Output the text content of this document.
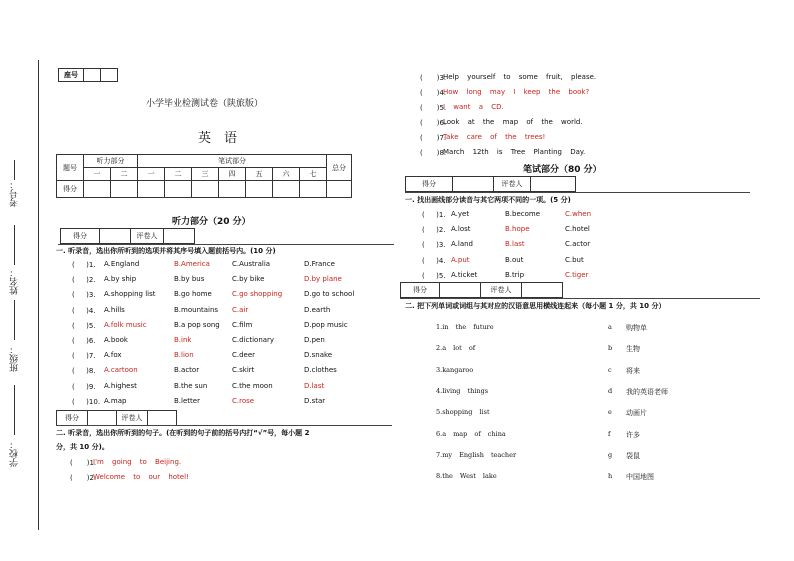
学校：
班级：
姓名：
考号：
座号		
小学毕业检测试卷（陕旅版）
英　语
题号	听力部分		笔试部分							总分
	一	二	一	二	三	四	五	六	七	
得分										
听力部分（20 分）
得分		评卷人	
一. 听录音，选出你所听到的选项并将其序号填入题前括号内。(10 分)
( 　 )1. A.England	B.America	C.Australia	D.France
( 　 )2. A.by ship	B.by bus	C.by bike	D.by plane
( 　 )3. A.shopping list	B.go home	C.go shopping	D.go to school
( 　 )4. A.hills	B.mountains C.air	D.earth
( 　 )5. A.folk music	B.a pop song C.film	D.pop music
( 　 )6. A.book	B.ink	C.dictionary	D.pen
( 　 )7. A.fox	B.lion	C.deer	D.snake
( 　 )8. A.cartoon	B.actor	C.skirt	D.clothes
( 　 )9. A.highest	B.the sun	C.the moon	D.last
( 　 )10. A.map	B.letter	C.rose	D.star
得分		评卷人	
二. 听录音，选出你所听到的句子。(在听到的句子前的括号内打“√”号，每小题 2
分，共 10 分)。
(　　)1.
I'm going to Beijing.
(　　)2.
Welcome to our hotel!
(　　)3.
Help yourself to some fruit, please.
(　　)4.
How long may I keep the book?
(　　)5.
I want a CD.
(　　)6.
Look at the map of the world.
(　　)7.
Take care of the trees!
(　　)8.
March 12th is Tree Planting Day.
笔试部分（80 分）
得分		评卷人	
一. 找出画线部分读音与其它两项不同的一项。(5 分)
( 　 )1. A.yet	B.become	C.when
( 　 )2. A.lost	B.hope	C.hotel
( 　 )3. A.land	B.last	C.actor
( 　 )4. A.put	B.out	C.but
( 　 )5. A.ticket	B.trip	C.tiger
得分		评卷人	
二. 把下列单词或词组与其对应的汉语意思用横线连起来（每小题 1 分，共 10 分）
1.in the future	a 购物单
2.a lot of	b 生物
3.kangaroo	c 将来
4.living things	d 我的英语老师
5.shopping list	e 动画片
6.a map of china	f 许多
7.my English teacher	g 袋鼠
8.the West lake	h 中国地图
